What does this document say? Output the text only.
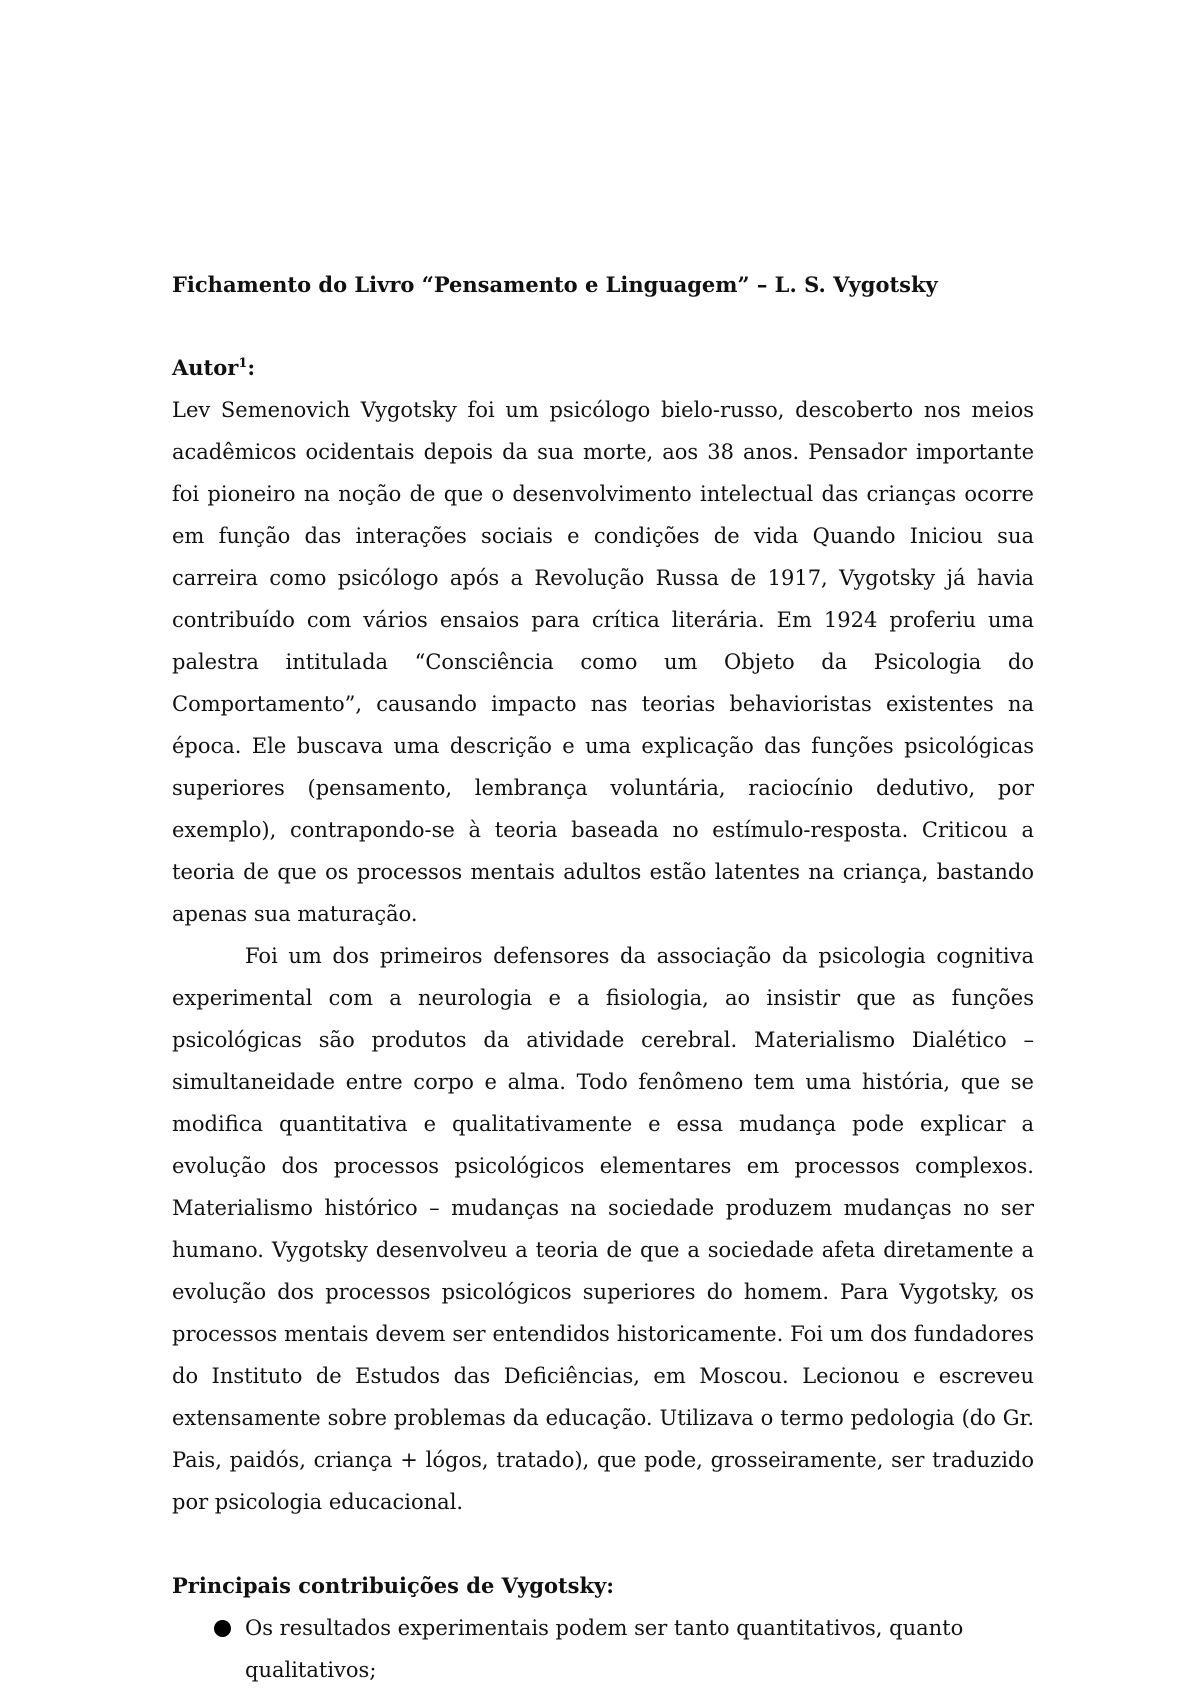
Fichamento do Livro “Pensamento e Linguagem” – L. S. Vygotsky

Autor$^1$:

Lev Semenovich Vygotsky foi um psicólogo bielo-russo, descoberto nos meios acadêmicos ocidentais depois da sua morte, aos 38 anos. Pensador importante foi pioneiro na noção de que o desenvolvimento intelectual das crianças ocorre em função das interações sociais e condições de vida Quando Iniciou sua carreira como psicólogo após a Revolução Russa de 1917, Vygotsky já havia contribuído com vários ensaios para crítica literária. Em 1924 proferiu uma palestra intitulada “Consciência como um Objeto da Psicologia do Comportamento”, causando impacto nas teorias behavioristas existentes na época. Ele buscava uma descrição e uma explicação das funções psicológicas superiores (pensamento, lembrança voluntária, raciocínio dedutivo, por exemplo), contrapondo-se à teoria baseada no estímulo-resposta. Criticou a teoria de que os processos mentais adultos estão latentes na criança, bastando apenas sua maturação.

Foi um dos primeiros defensores da associação da psicologia cognitiva experimental com a neurologia e a fisiologia, ao insistir que as funções psicológicas são produtos da atividade cerebral. Materialismo Dialético – simultaneidade entre corpo e alma. Todo fenômeno tem uma história, que se modifica quantitativa e qualitativamente e essa mudança pode explicar a evolução dos processos psicológicos elementares em processos complexos. Materialismo histórico – mudanças na sociedade produzem mudanças no ser humano. Vygotsky desenvolveu a teoria de que a sociedade afeta diretamente a evolução dos processos psicológicos superiores do homem. Para Vygotsky, os processos mentais devem ser entendidos historicamente. Foi um dos fundadores do Instituto de Estudos das Deficiências, em Moscou. Lecionou e escreveu extensamente sobre problemas da educação. Utilizava o termo pedologia (do Gr. Pais, paidós, criança + lógos, tratado), que pode, grosseiramente, ser traduzido por psicologia educacional.

Principais contribuições de Vygotsky:

Os resultados experimentais podem ser tanto quantitativos, quanto qualitativos;
